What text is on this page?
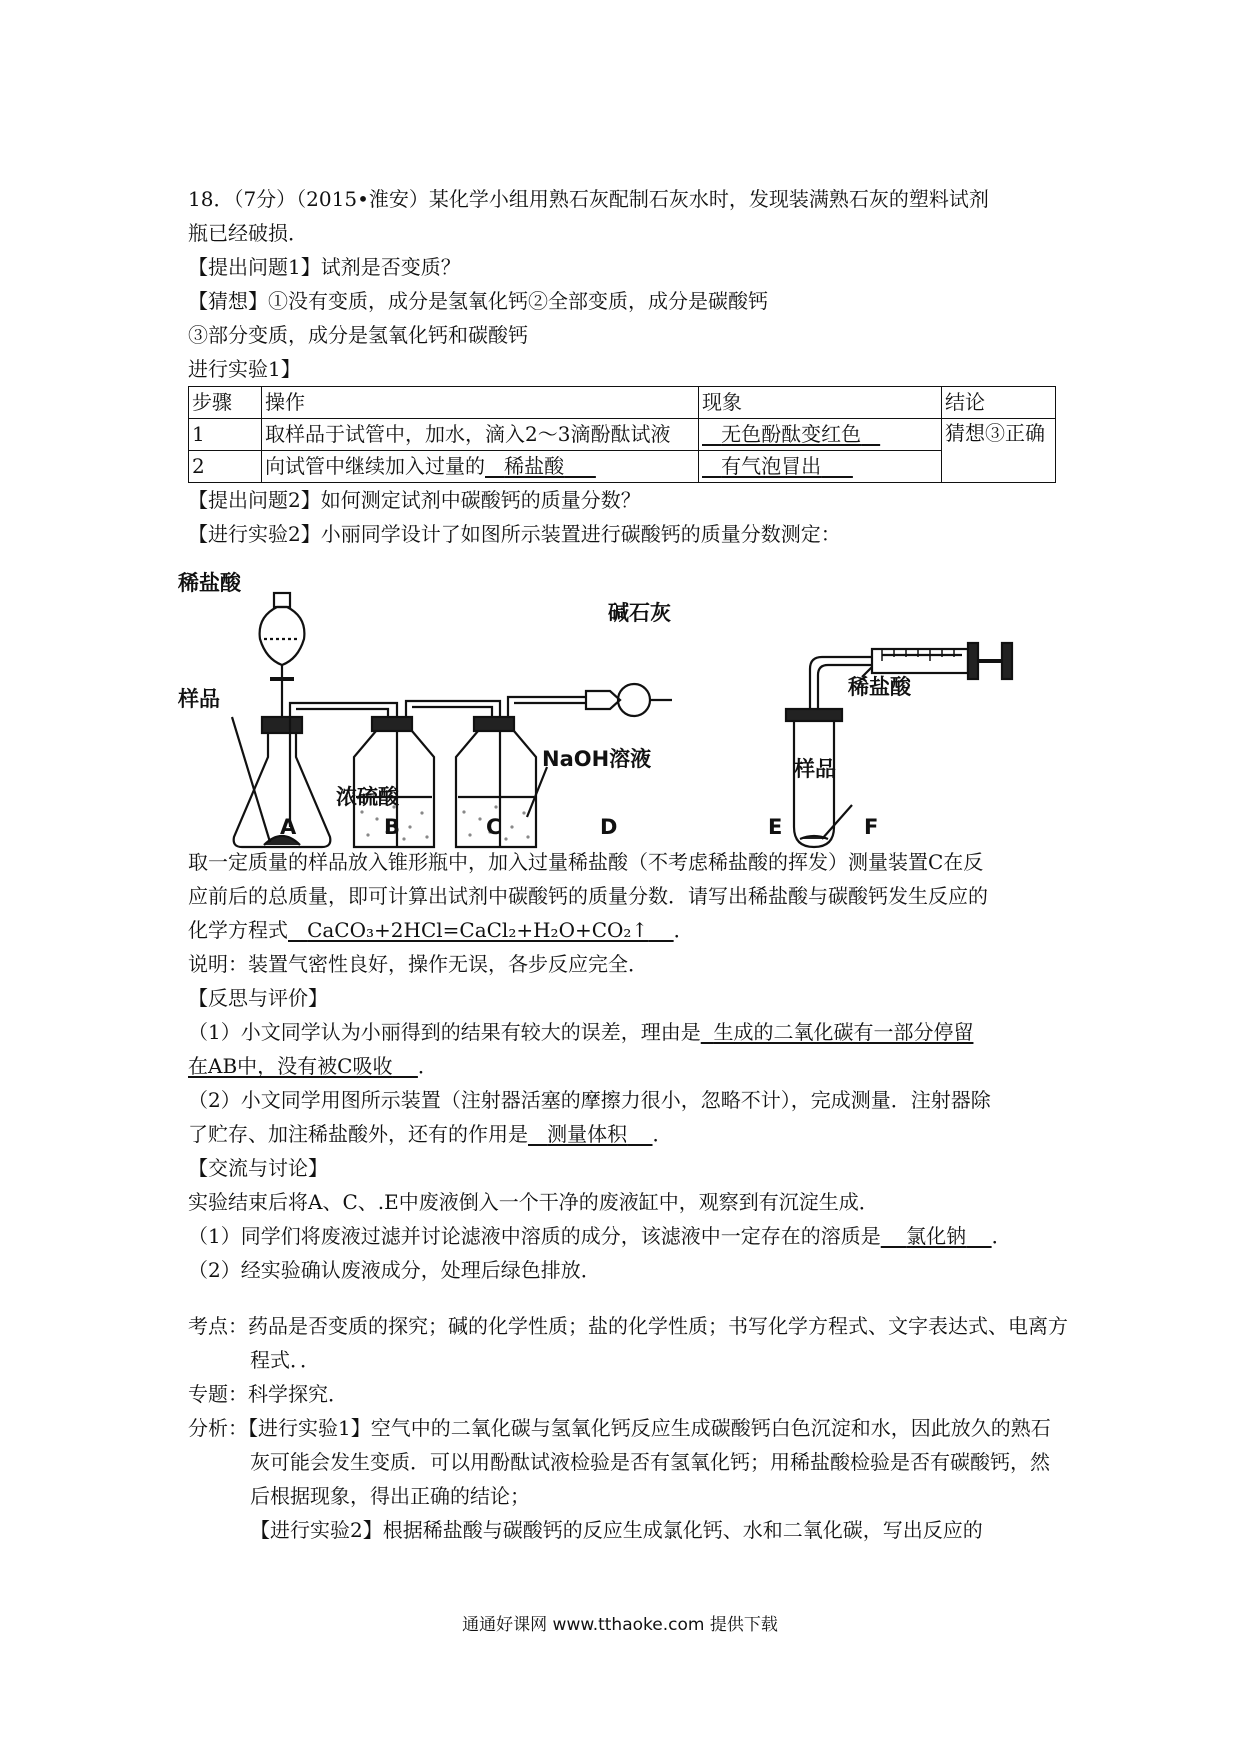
18．（7分）（2015•淮安）某化学小组用熟石灰配制石灰水时，发现装满熟石灰的塑料试剂
瓶已经破损．
【提出问题1】试剂是否变质？
【猜想】①没有变质，成分是氢氧化钙②全部变质，成分是碳酸钙
③部分变质，成分是氢氧化钙和碳酸钙
进行实验1】
步骤	操作	现象	结论
1	取样品于试管中，加水，滴入2～3滴酚酞试液	无色酚酞变红色	猜想③正确
2	向试管中继续加入过量的 稀盐酸	有气泡冒出	
【提出问题2】如何测定试剂中碳酸钙的质量分数？
【进行实验2】小丽同学设计了如图所示装置进行碳酸钙的质量分数测定：
稀盐酸
样品
碱石灰
NaOH溶液
浓硫酸
稀盐酸
样品
A	B	C	D	E	F
取一定质量的样品放入锥形瓶中，加入过量稀盐酸（不考虑稀盐酸的挥发）测量装置C在反
应前后的总质量，即可计算出试剂中碳酸钙的质量分数．请写出稀盐酸与碳酸钙发生反应的
化学方程式 CaCO₃+2HCl=CaCl₂+H₂O+CO₂↑ ．
说明：装置气密性良好，操作无误，各步反应完全．
【反思与评价】
（1）小文同学认为小丽得到的结果有较大的误差，理由是 生成的二氧化碳有一部分停留
在AB中，没有被C吸收 ．
（2）小文同学用图所示装置（注射器活塞的摩擦力很小，忽略不计），完成测量．注射器除
了贮存、加注稀盐酸外，还有的作用是 测量体积 ．
【交流与讨论】
实验结束后将A、C、.E中废液倒入一个干净的废液缸中，观察到有沉淀生成．
（1）同学们将废液过滤并讨论滤液中溶质的成分，该滤液中一定存在的溶质是 氯化钠 ．
（2）经实验确认废液成分，处理后绿色排放．
考点：药品是否变质的探究；碱的化学性质；盐的化学性质；书写化学方程式、文字表达式、电离方程式．．
专题：科学探究．
分析：【进行实验1】空气中的二氧化碳与氢氧化钙反应生成碳酸钙白色沉淀和水，因此放久的熟石灰可能会发生变质．可以用酚酞试液检验是否有氢氧化钙；用稀盐酸检验是否有碳酸钙，然后根据现象，得出正确的结论；
【进行实验2】根据稀盐酸与碳酸钙的反应生成氯化钙、水和二氧化碳，写出反应的
通通好课网 www.tthaoke.com 提供下载
